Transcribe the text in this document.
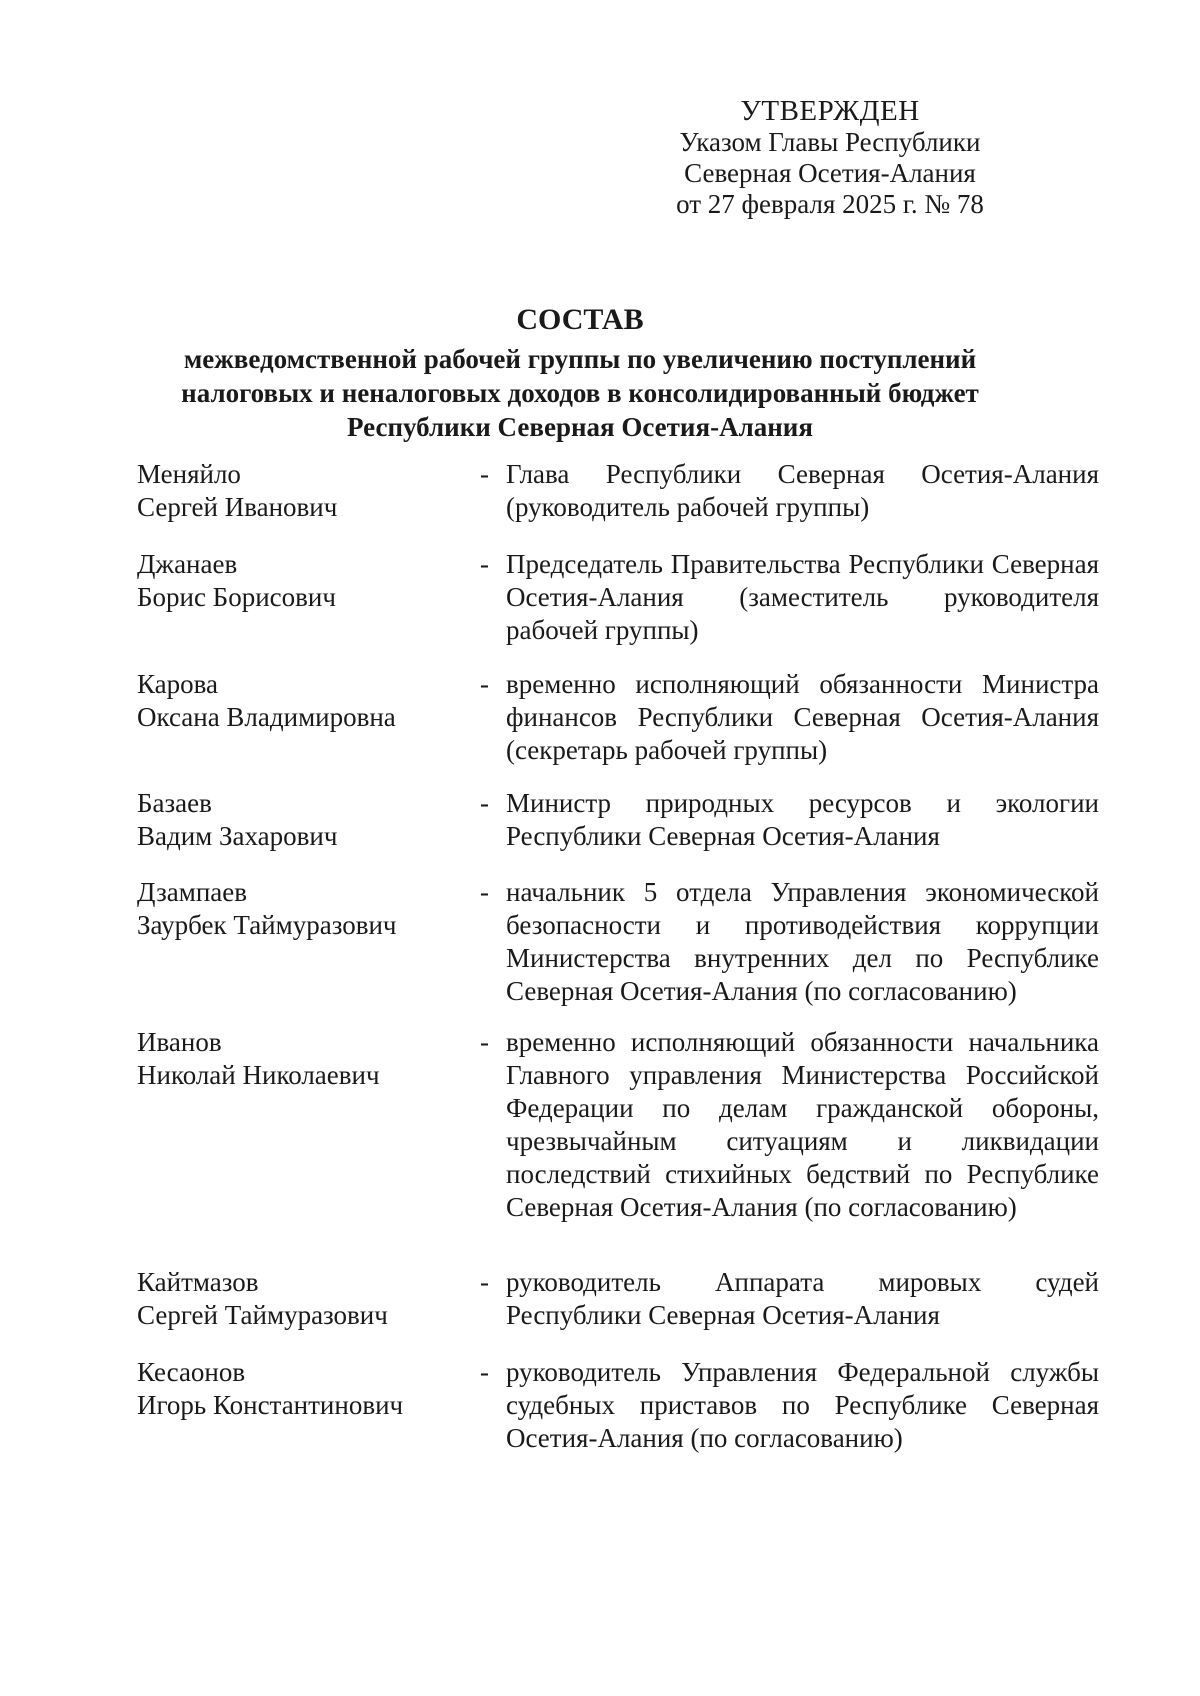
УТВЕРЖДЕН
Указом Главы Республики
Северная Осетия-Алания
от 27 февраля 2025 г. № 78
СОСТАВ
межведомственной рабочей группы по увеличению поступлений
налоговых и неналоговых доходов в консолидированный бюджет
Республики Северная Осетия-Алания
Меняйло
Сергей Иванович
- Глава Республики Северная Осетия-Алания (руководитель рабочей группы)
Джанаев
Борис Борисович
- Председатель Правительства Республики Северная Осетия-Алания (заместитель руководителя рабочей группы)
Карова
Оксана Владимировна
- временно исполняющий обязанности Министра финансов Республики Северная Осетия-Алания (секретарь рабочей группы)
Базаев
Вадим Захарович
- Министр природных ресурсов и экологии Республики Северная Осетия-Алания
Дзампаев
Заурбек Таймуразович
- начальник 5 отдела Управления экономической безопасности и противодействия коррупции Министерства внутренних дел по Республике Северная Осетия-Алания (по согласованию)
Иванов
Николай Николаевич
- временно исполняющий обязанности начальника Главного управления Министерства Российской Федерации по делам гражданской обороны, чрезвычайным ситуациям и ликвидации последствий стихийных бедствий по Республике Северная Осетия-Алания (по согласованию)
Кайтмазов
Сергей Таймуразович
- руководитель Аппарата мировых судей Республики Северная Осетия-Алания
Кесаонов
Игорь Константинович
- руководитель Управления Федеральной службы судебных приставов по Республике Северная Осетия-Алания (по согласованию)
